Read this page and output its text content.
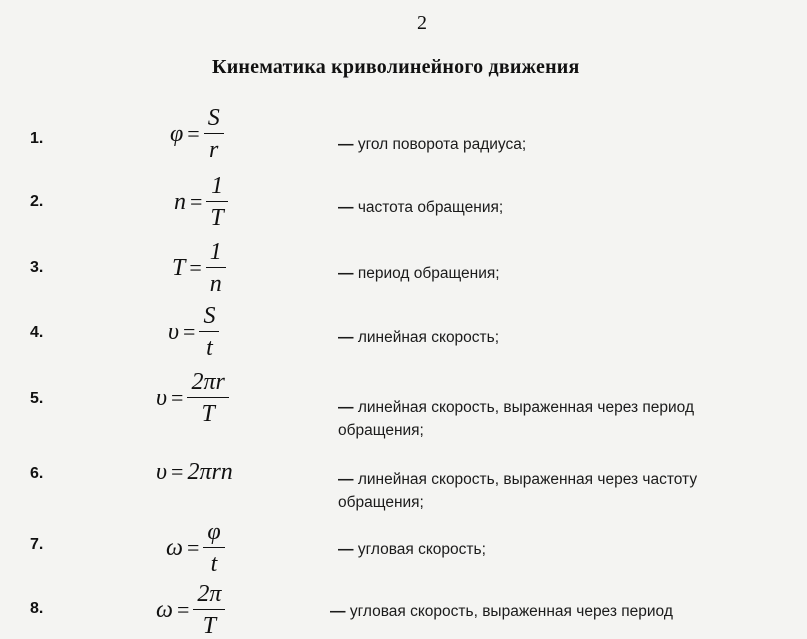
2
Кинематика криволинейного движения
1.	$\varphi = \frac{S}{r}$	— угол поворота радиуса;
2.	$n = \frac{1}{T}$	— частота обращения;
3.	$T = \frac{1}{n}$	— период обращения;
4.	$\upsilon = \frac{S}{t}$	— линейная скорость;
5.	$\upsilon = \frac{2\pi r}{T}$	— линейная скорость, выраженная через период обращения;
6.	υ = 2πrn	— линейная скорость, выраженная через частоту обращения;
7.	$\omega = \frac{\varphi}{t}$	— угловая скорость;
8.	$\omega = \frac{2\pi}{T}$	— угловая скорость, выраженная через период
